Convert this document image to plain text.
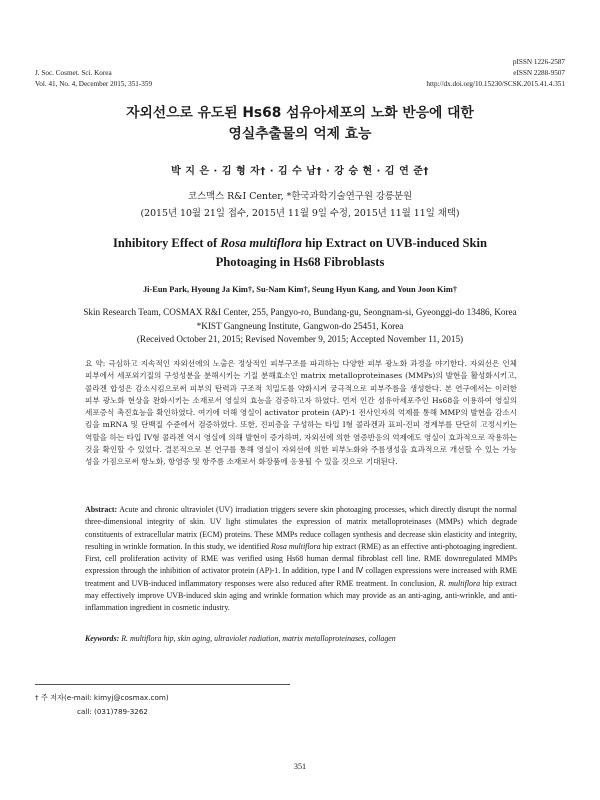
J. Soc. Cosmet. Sci. Korea
Vol. 41, No. 4, December 2015, 351-359
pISSN 1226-2587
eISSN 2288-9507
http://dx.doi.org/10.15230/SCSK.2015.41.4.351
자외선으로 유도된 Hs68 섬유아세포의 노화 반응에 대한
영실추출물의 억제 효능
박 지 은 · 김 형 자† · 김 수 남† · 강 승 현 · 김 연 준†
코스맥스 R&I Center, *한국과학기술연구원 강릉분원
(2015년 10월 21일 접수, 2015년 11월 9일 수정, 2015년 11월 11일 채택)
Inhibitory Effect of Rosa multiflora hip Extract on UVB-induced Skin
Photoaging in Hs68 Fibroblasts
Ji-Eun Park, Hyoung Ja Kim†, Su-Nam Kim†, Seung Hyun Kang, and Youn Joon Kim†
Skin Research Team, COSMAX R&I Center, 255, Pangyo-ro, Bundang-gu, Seongnam-si, Gyeonggi-do 13486, Korea
*KIST Gangneung Institute, Gangwon-do 25451, Korea
(Received October 21, 2015; Revised November 9, 2015; Accepted November 11, 2015)

요 약: 극심하고 지속적인 자외선에의 노출은 정상적인 피부구조를 파괴하는 다양한 피부 광노화 과정을 야기한다. 자외선은 인체 피부에서 세포외기질의 구성성분을 분해시키는 기질 분해효소인 matrix metalloproteinases (MMPs)의 발현을 활성화시키고, 콜라겐 합성은 감소시킴으로써 피부의 탄력과 구조적 치밀도를 약화시켜 궁극적으로 피부주름을 생성한다. 본 연구에서는 이러한 피부 광노화 현상을 완화시키는 소재로서 영실의 효능을 검증하고자 하였다. 먼저 인간 섬유아세포주인 Hs68을 이용하여 영실의 세포증식 촉진효능을 확인하였다. 여기에 더해 영실이 activator protein (AP)-1 전사인자의 억제를 통해 MMP의 발현을 감소시킴을 mRNA 및 단백질 수준에서 검증하였다. 또한, 진피층을 구성하는 타입 I형 콜라겐과 표피-진피 경계부를 단단히 고정시키는 역할을 하는 타입 IV형 콜라겐 역시 영실에 의해 발현이 증가하며, 자외선에 의한 염증반응의 억제에도 영실이 효과적으로 작용하는 것을 확인할 수 있었다. 결론적으로 본 연구를 통해 영실이 자외선에 의한 피부노화와 주름생성을 효과적으로 개선할 수 있는 가능성을 가짐으로써 항노화, 항염증 및 항주름 소재로서 화장품에 응용될 수 있을 것으로 기대된다.

Abstract: Acute and chronic ultraviolet (UV) irradiation triggers severe skin photoaging processes, which directly disrupt the normal three-dimensional integrity of skin. UV light stimulates the expression of matrix metalloproteinases (MMPs) which degrade constituents of extracellular matrix (ECM) proteins. These MMPs reduce collagen synthesis and decrease skin elasticity and integrity, resulting in wrinkle formation. In this study, we identified Rosa multiflora hip extract (RME) as an effective anti-photoaging ingredient. First, cell proliferation activity of RME was verified using Hs68 human dermal fibroblast cell line. RME downregulated MMPs expression through the inhibition of activator protein (AP)-1. In addition, type Ⅰ and Ⅳ collagen expressions were increased with RME treatment and UVB-induced inflammatory responses were also reduced after RME treatment. In conclusion, R. multiflora hip extract may effectively improve UVB-induced skin aging and wrinkle formation which may provide as an anti-aging, anti-wrinkle, and anti-inflammation ingredient in cosmetic industry.

Keywords: R. multiflora hip, skin aging, ultraviolet radiation, matrix metalloproteinases, collagen
† 주 저자(e-mail: kimyj@cosmax.com)
call: (031)789-3262
351
